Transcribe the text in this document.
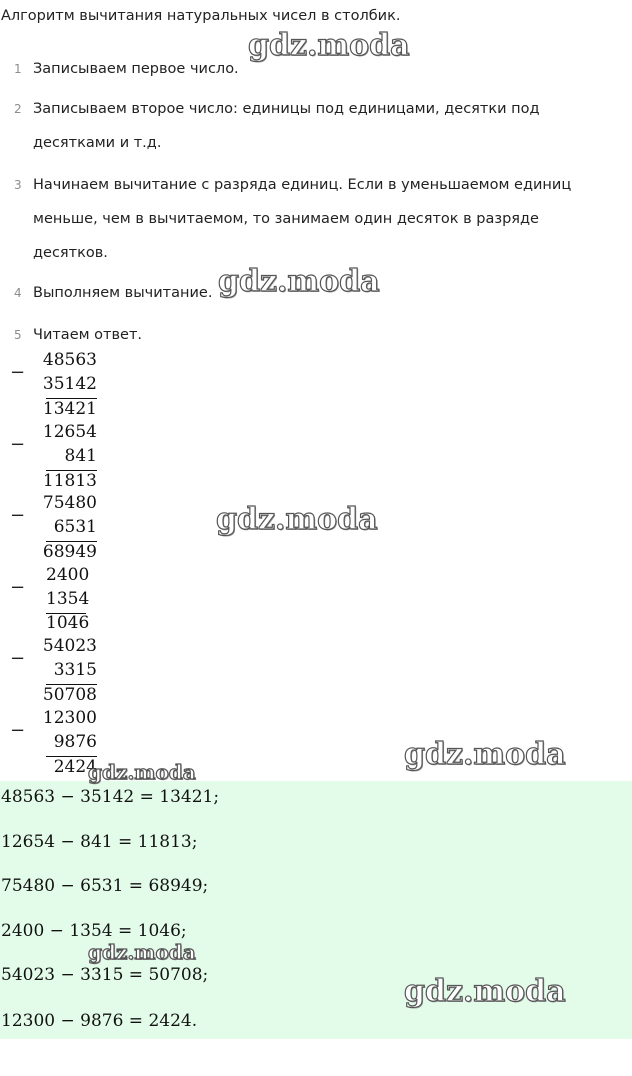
Алгоритм вычитания натуральных чисел в столбик.
1 Записываем первое число.
2 Записываем второе число: единицы под единицами, десятки под
десятками и т.д.
3 Начинаем вычитание с разряда единиц. Если в уменьшаемом единиц
меньше, чем в вычитаемом, то занимаем один десяток в разряде
десятков.
4 Выполняем вычитание.
5 Читаем ответ.
−
48563
35142
13421
−
12654
841
11813
−
75480
6531
68949
−
2400
1354
1046
−
54023
3315
50708
−
12300
9876
2424
48563 − 35142 = 13421;
12654 − 841 = 11813;
75480 − 6531 = 68949;
2400 − 1354 = 1046;
54023 − 3315 = 50708;
12300 − 9876 = 2424.
gdz.moda
gdz.moda
gdz.moda
gdz.moda
gdz.moda
gdz.moda
gdz.moda
